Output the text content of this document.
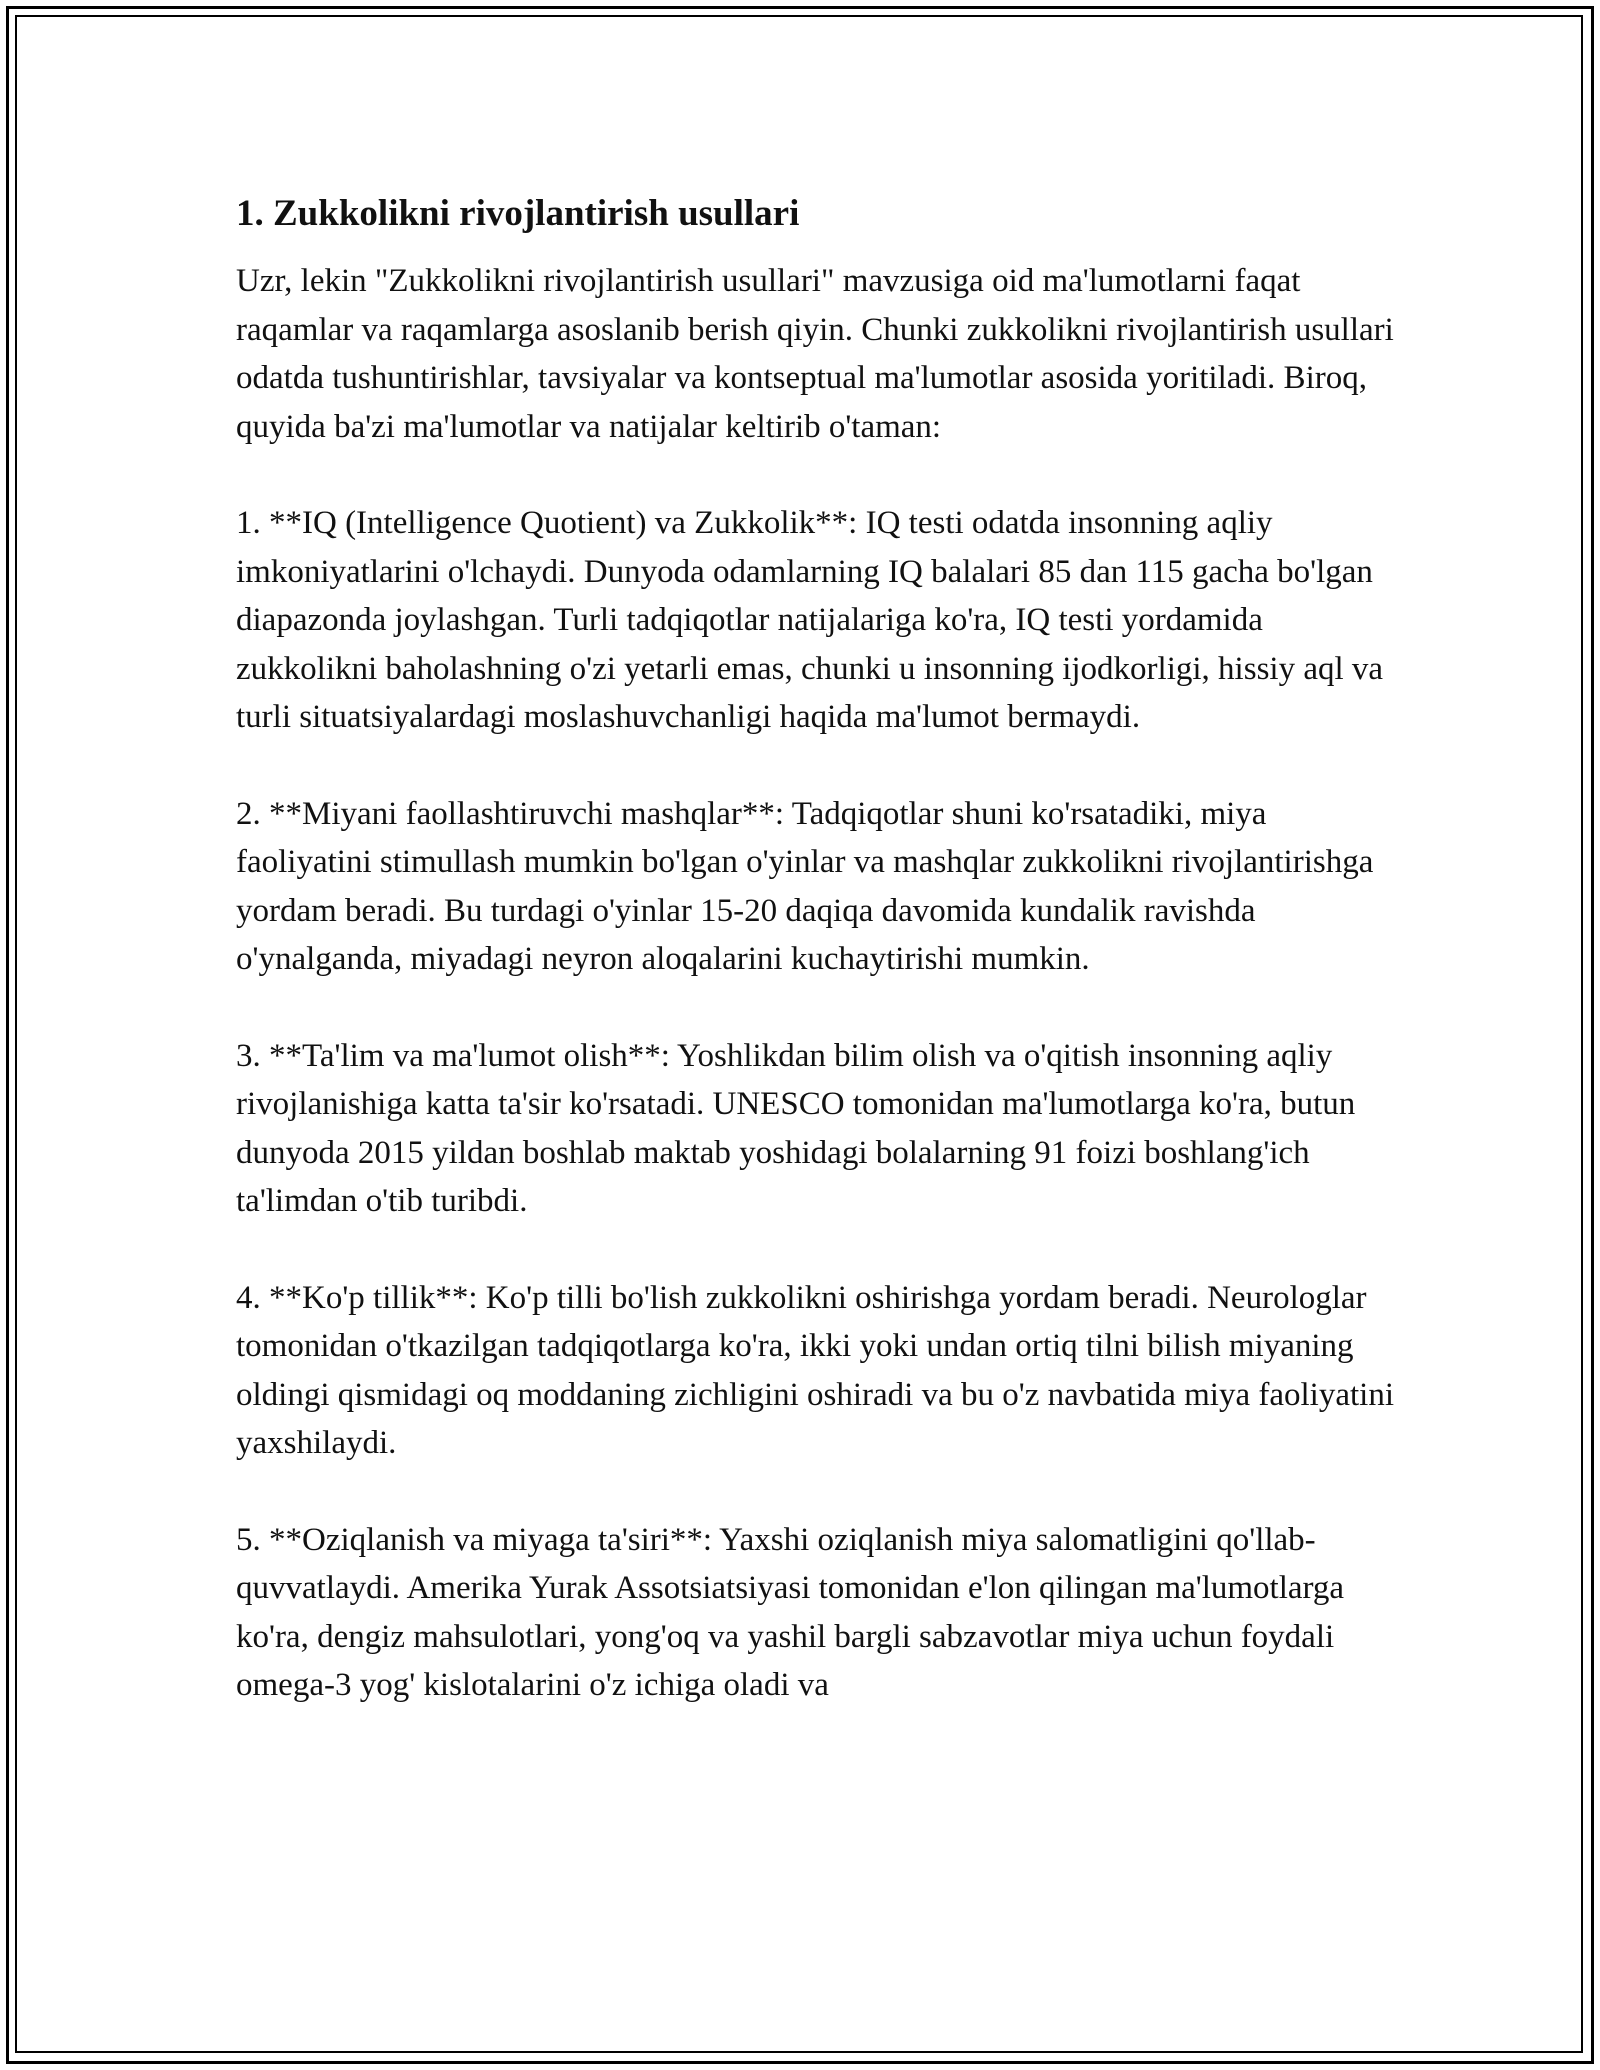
1. Zukkolikni rivojlantirish usullari

Uzr, lekin "Zukkolikni rivojlantirish usullari" mavzusiga oid ma'lumotlarni faqat raqamlar va raqamlarga asoslanib berish qiyin. Chunki zukkolikni rivojlantirish usullari odatda tushuntirishlar, tavsiyalar va kontseptual ma'lumotlar asosida yoritiladi. Biroq, quyida ba'zi ma'lumotlar va natijalar keltirib o'taman:

1. **IQ (Intelligence Quotient) va Zukkolik**: IQ testi odatda insonning aqliy imkoniyatlarini o'lchaydi. Dunyoda odamlarning IQ balalari 85 dan 115 gacha bo'lgan diapazonda joylashgan. Turli tadqiqotlar natijalariga ko'ra, IQ testi yordamida zukkolikni baholashning o'zi yetarli emas, chunki u insonning ijodkorligi, hissiy aql va turli situatsiyalardagi moslashuvchanligi haqida ma'lumot bermaydi.

2. **Miyani faollashtiruvchi mashqlar**: Tadqiqotlar shuni ko'rsatadiki, miya faoliyatini stimullash mumkin bo'lgan o'yinlar va mashqlar zukkolikni rivojlantirishga yordam beradi. Bu turdagi o'yinlar 15-20 daqiqa davomida kundalik ravishda o'ynalganda, miyadagi neyron aloqalarini kuchaytirishi mumkin.

3. **Ta'lim va ma'lumot olish**: Yoshlikdan bilim olish va o'qitish insonning aqliy rivojlanishiga katta ta'sir ko'rsatadi. UNESCO tomonidan ma'lumotlarga ko'ra, butun dunyoda 2015 yildan boshlab maktab yoshidagi bolalarning 91 foizi boshlang'ich ta'limdan o'tib turibdi.

4. **Ko'p tillik**: Ko'p tilli bo'lish zukkolikni oshirishga yordam beradi. Neurologlar tomonidan o'tkazilgan tadqiqotlarga ko'ra, ikki yoki undan ortiq tilni bilish miyaning oldingi qismidagi oq moddaning zichligini oshiradi va bu o'z navbatida miya faoliyatini yaxshilaydi.

5. **Oziqlanish va miyaga ta'siri**: Yaxshi oziqlanish miya salomatligini qo'llab-quvvatlaydi. Amerika Yurak Assotsiatsiyasi tomonidan e'lon qilingan ma'lumotlarga ko'ra, dengiz mahsulotlari, yong'oq va yashil bargli sabzavotlar miya uchun foydali omega-3 yog' kislotalarini o'z ichiga oladi va
